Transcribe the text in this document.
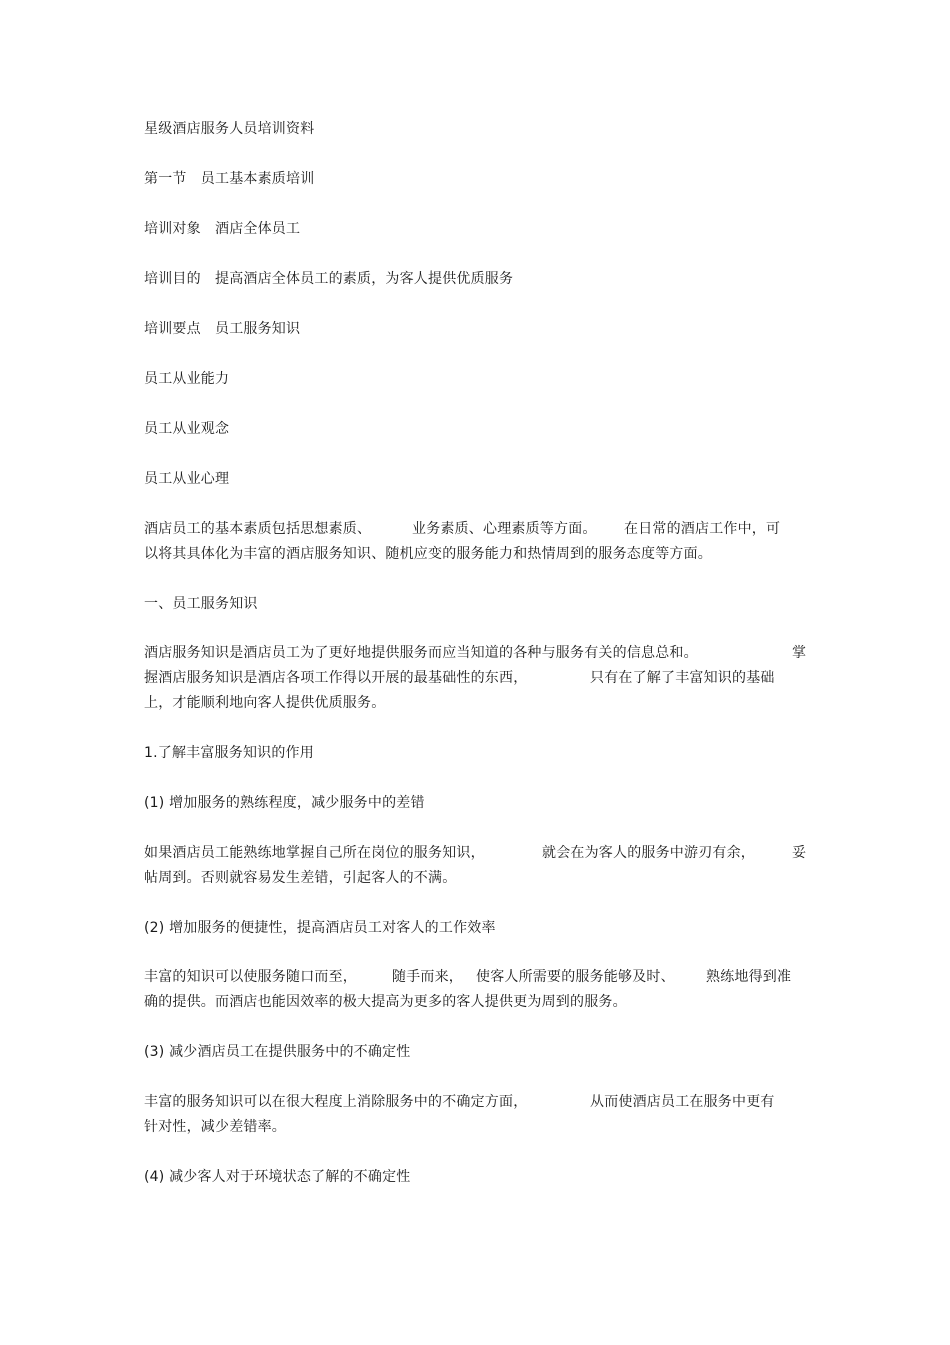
星级酒店服务人员培训资料
第一节　员工基本素质培训
培训对象　酒店全体员工
培训目的　提高酒店全体员工的素质，为客人提供优质服务
培训要点　员工服务知识
员工从业能力
员工从业观念
员工从业心理
酒店员工的基本素质包括思想素质、	业务素质、心理素质等方面。 在日常的酒店工作中，可
以将其具体化为丰富的酒店服务知识、随机应变的服务能力和热情周到的服务态度等方面。
一、员工服务知识
酒店服务知识是酒店员工为了更好地提供服务而应当知道的各种与服务有关的信息总和。	掌
握酒店服务知识是酒店各项工作得以开展的最基础性的东西，	只有在了解了丰富知识的基础
上，才能顺利地向客人提供优质服务。
1.了解丰富服务知识的作用
(1) 增加服务的熟练程度，减少服务中的差错
如果酒店员工能熟练地掌握自己所在岗位的服务知识，	就会在为客人的服务中游刃有余，	妥
帖周到。否则就容易发生差错，引起客人的不满。
(2) 增加服务的便捷性，提高酒店员工对客人的工作效率
丰富的知识可以使服务随口而至，	随手而来， 使客人所需要的服务能够及时、 熟练地得到准
确的提供。而酒店也能因效率的极大提高为更多的客人提供更为周到的服务。
(3) 减少酒店员工在提供服务中的不确定性
丰富的服务知识可以在很大程度上消除服务中的不确定方面，	从而使酒店员工在服务中更有
针对性，减少差错率。
(4) 减少客人对于环境状态了解的不确定性
